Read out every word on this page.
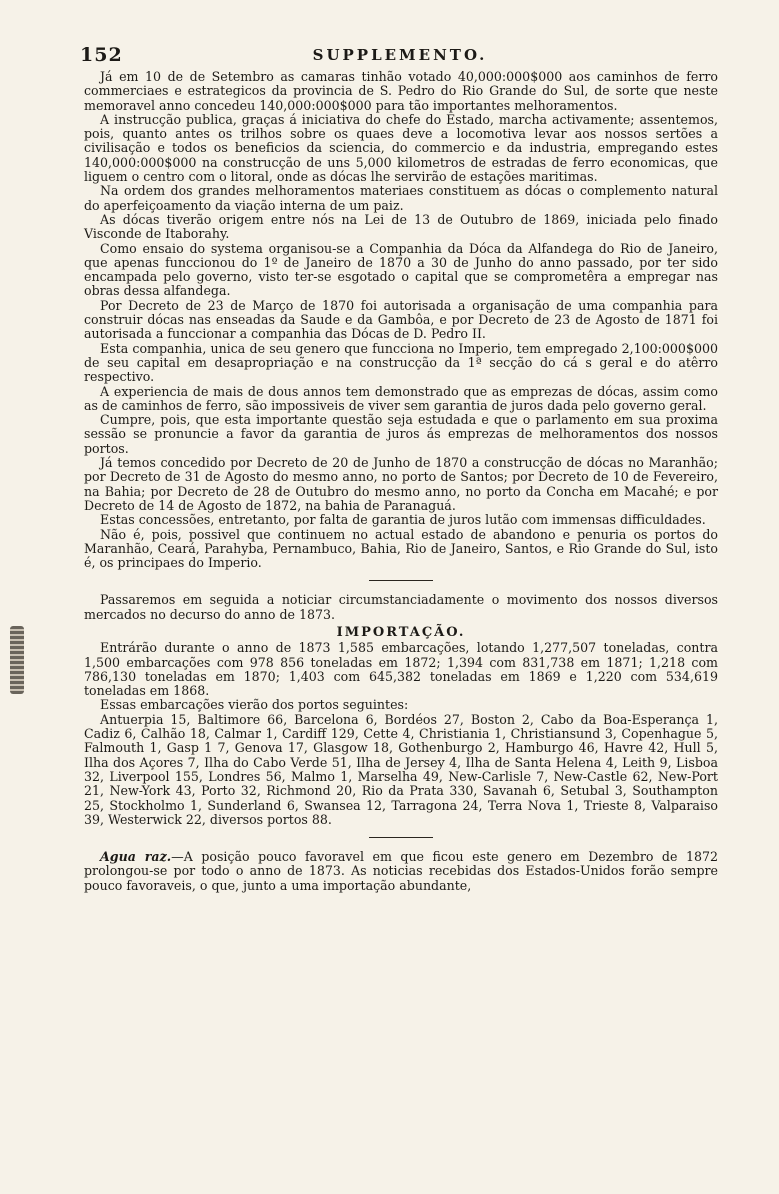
152	SUPPLEMENTO.

Já em 10 de de Setembro as camaras tinhão votado 40,000:000$000 aos caminhos de ferro commerciaes e estrategicos da provincia de S. Pedro do Rio Grande do Sul, de sorte que neste memoravel anno concedeu 140,000:000$000 para tão importantes melhoramentos.

A instrucção publica, graças á iniciativa do chefe do Estado, marcha activamente; assentemos, pois, quanto antes os trilhos sobre os quaes deve a locomotiva levar aos nossos sertões a civilisação e todos os beneficios da sciencia, do commercio e da industria, empregando estes 140,000:000$000 na construcção de uns 5,000 kilometros de estradas de ferro economicas, que liguem o centro com o litoral, onde as dócas lhe servirão de estações maritimas.

Na ordem dos grandes melhoramentos materiaes constituem as dócas o complemento natural do aperfeiçoamento da viação interna de um paiz.

As dócas tiverão origem entre nós na Lei de 13 de Outubro de 1869, iniciada pelo finado Visconde de Itaborahy.

Como ensaio do systema organisou-se a Companhia da Dóca da Alfandega do Rio de Janeiro, que apenas funccionou do 1º de Janeiro de 1870 a 30 de Junho do anno passado, por ter sido encampada pelo governo, visto ter-se esgotado o capital que se comprometêra a empregar nas obras dessa alfandega.

Por Decreto de 23 de Março de 1870 foi autorisada a organisação de uma companhia para construir dócas nas enseadas da Saude e da Gambôa, e por Decreto de 23 de Agosto de 1871 foi autorisada a funccionar a companhia das Dócas de D. Pedro II.

Esta companhia, unica de seu genero que funcciona no Imperio, tem empregado 2,100:000$000 de seu capital em desapropriação e na construcção da 1ª secção do cá s geral e do atêrro respectivo.

A experiencia de mais de dous annos tem demonstrado que as emprezas de dócas, assim como as de caminhos de ferro, são impossiveis de viver sem garantia de juros dada pelo governo geral.

Cumpre, pois, que esta importante questão seja estudada e que o parlamento em sua proxima sessão se pronuncie a favor da garantia de juros ás emprezas de melhoramentos dos nossos portos.

Já temos concedido por Decreto de 20 de Junho de 1870 a construcção de dócas no Maranhão; por Decreto de 31 de Agosto do mesmo anno, no porto de Santos; por Decreto de 10 de Fevereiro, na Bahia; por Decreto de 28 de Outubro do mesmo anno, no porto da Concha em Macahé; e por Decreto de 14 de Agosto de 1872, na bahia de Paranaguá.

Estas concessões, entretanto, por falta de garantia de juros lutão com immensas difficuldades.

Não é, pois, possivel que continuem no actual estado de abandono e penuria os portos do Maranhão, Ceará, Parahyba, Pernambuco, Bahia, Rio de Janeiro, Santos, e Rio Grande do Sul, isto é, os principaes do Imperio.

Passaremos em seguida a noticiar circumstanciadamente o movimento dos nossos diversos mercados no decurso do anno de 1873.

IMPORTAÇÃO.

Entrárão durante o anno de 1873 1,585 embarcações, lotando 1,277,507 toneladas, contra 1,500 embarcações com 978 856 toneladas em 1872; 1,394 com 831,738 em 1871; 1,218 com 786,130 toneladas em 1870; 1,403 com 645,382 toneladas em 1869 e 1,220 com 534,619 toneladas em 1868.

Essas embarcações vierão dos portos seguintes:

Antuerpia 15, Baltimore 66, Barcelona 6, Bordéos 27, Boston 2, Cabo da Boa-Esperança 1, Cadiz 6, Calhão 18, Calmar 1, Cardiff 129, Cette 4, Christiania 1, Christiansund 3, Copenhague 5, Falmouth 1, Gasp 1 7, Genova 17, Glasgow 18, Gothenburgo 2, Hamburgo 46, Havre 42, Hull 5, Ilha dos Açores 7, Ilha do Cabo Verde 51, Ilha de Jersey 4, Ilha de Santa Helena 4, Leith 9, Lisboa 32, Liverpool 155, Londres 56, Malmo 1, Marselha 49, New-Carlisle 7, New-Castle 62, New-Port 21, New-York 43, Porto 32, Richmond 20, Rio da Prata 330, Savanah 6, Setubal 3, Southampton 25, Stockholmo 1, Sunderland 6, Swansea 12, Tarragona 24, Terra Nova 1, Trieste 8, Valparaiso 39, Westerwick 22, diversos portos 88.

Agua raz.—A posição pouco favoravel em que ficou este genero em Dezembro de 1872 prolongou-se por todo o anno de 1873. As noticias recebidas dos Estados-Unidos forão sempre pouco favoraveis, o que, junto a uma importação abundante,
